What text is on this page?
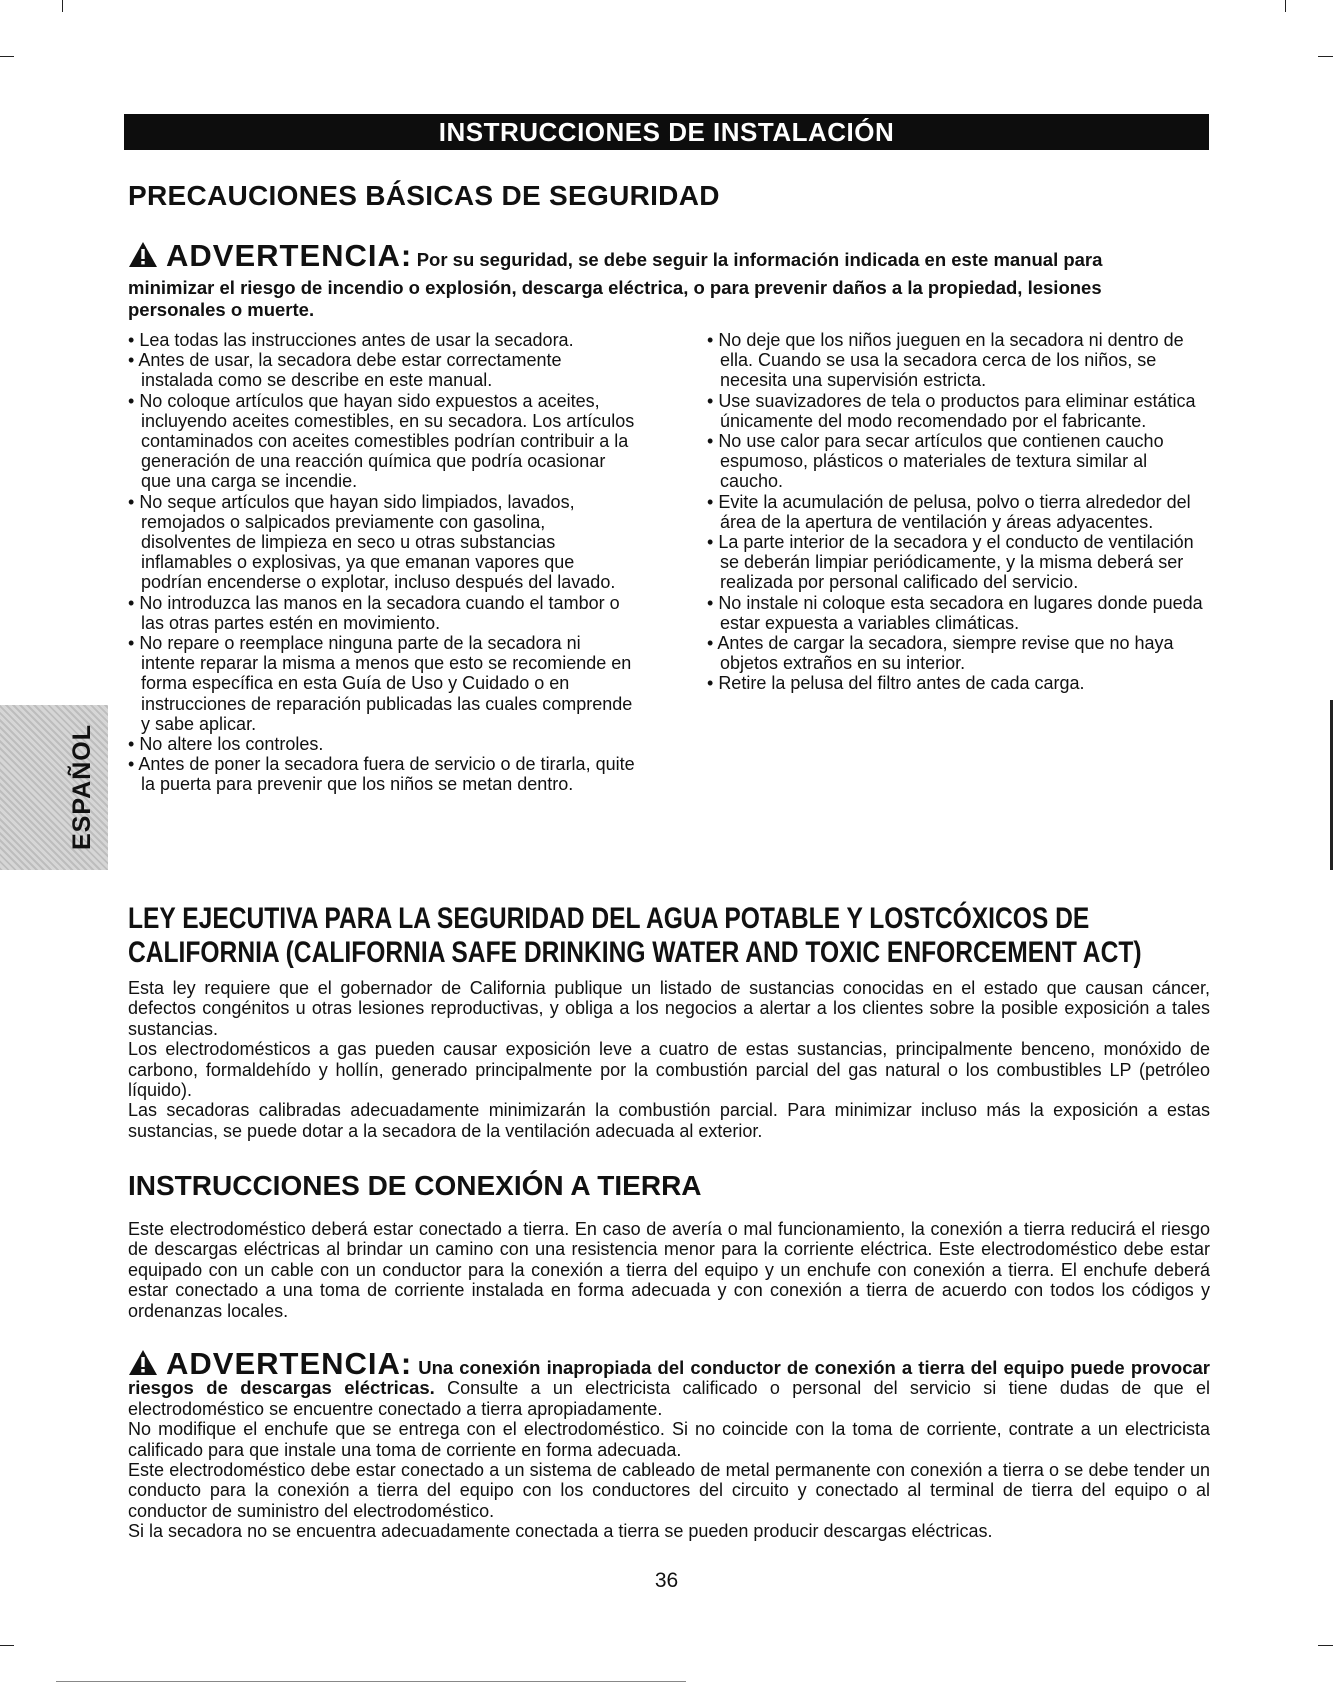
INSTRUCCIONES DE INSTALACIÓN
PRECAUCIONES BÁSICAS DE SEGURIDAD
ADVERTENCIA: Por su seguridad, se debe seguir la información indicada en este manual para
minimizar el riesgo de incendio o explosión, descarga eléctrica, o para prevenir daños a la propiedad, lesiones personales o muerte.
• Lea todas las instrucciones antes de usar la secadora.
• Antes de usar, la secadora debe estar correctamente instalada como se describe en este manual.
• No coloque artículos que hayan sido expuestos a aceites, incluyendo aceites comestibles, en su secadora. Los artículos contaminados con aceites comestibles podrían contribuir a la generación de una reacción química que podría ocasionar que una carga se incendie.
• No seque artículos que hayan sido limpiados, lavados, remojados o salpicados previamente con gasolina, disolventes de limpieza en seco u otras substancias inflamables o explosivas, ya que emanan vapores que podrían encenderse o explotar, incluso después del lavado.
• No introduzca las manos en la secadora cuando el tambor o las otras partes estén en movimiento.
• No repare o reemplace ninguna parte de la secadora ni intente reparar la misma a menos que esto se recomiende en forma específica en esta Guía de Uso y Cuidado o en instrucciones de reparación publicadas las cuales comprende y sabe aplicar.
• No altere los controles.
• Antes de poner la secadora fuera de servicio o de tirarla, quite la puerta para prevenir que los niños se metan dentro.
• No deje que los niños jueguen en la secadora ni dentro de ella. Cuando se usa la secadora cerca de los niños, se necesita una supervisión estricta.
• Use suavizadores de tela o productos para eliminar estática únicamente del modo recomendado por el fabricante.
• No use calor para secar artículos que contienen caucho espumoso, plásticos o materiales de textura similar al caucho.
• Evite la acumulación de pelusa, polvo o tierra alrededor del área de la apertura de ventilación y áreas adyacentes.
• La parte interior de la secadora y el conducto de ventilación se deberán limpiar periódicamente, y la misma deberá ser realizada por personal calificado del servicio.
• No instale ni coloque esta secadora en lugares donde pueda estar expuesta a variables climáticas.
• Antes de cargar la secadora, siempre revise que no haya objetos extraños en su interior.
• Retire la pelusa del filtro antes de cada carga.
ESPAÑOL
LEY EJECUTIVA PARA LA SEGURIDAD DEL AGUA POTABLE Y LOSTCÓXICOS DE CALIFORNIA (CALIFORNIA SAFE DRINKING WATER AND TOXIC ENFORCEMENT ACT)

Esta ley requiere que el gobernador de California publique un listado de sustancias conocidas en el estado que causan cáncer, defectos congénitos u otras lesiones reproductivas, y obliga a los negocios a alertar a los clientes sobre la posible exposición a tales sustancias.

Los electrodomésticos a gas pueden causar exposición leve a cuatro de estas sustancias, principalmente benceno, monóxido de carbono, formaldehído y hollín, generado principalmente por la combustión parcial del gas natural o los combustibles LP (petróleo líquido).

Las secadoras calibradas adecuadamente minimizarán la combustión parcial. Para minimizar incluso más la exposición a estas sustancias, se puede dotar a la secadora de la ventilación adecuada al exterior.

INSTRUCCIONES DE CONEXIÓN A TIERRA

Este electrodoméstico deberá estar conectado a tierra. En caso de avería o mal funcionamiento, la conexión a tierra reducirá el riesgo de descargas eléctricas al brindar un camino con una resistencia menor para la corriente eléctrica. Este electrodoméstico debe estar equipado con un cable con un conductor para la conexión a tierra del equipo y un enchufe con conexión a tierra. El enchufe deberá estar conectado a una toma de corriente instalada en forma adecuada y con conexión a tierra de acuerdo con todos los códigos y ordenanzas locales.

ADVERTENCIA: Una conexión inapropiada del conductor de conexión a tierra del equipo puede provocar riesgos de descargas eléctricas. Consulte a un electricista calificado o personal del servicio si tiene dudas de que el electrodoméstico se encuentre conectado a tierra apropiadamente.

No modifique el enchufe que se entrega con el electrodoméstico. Si no coincide con la toma de corriente, contrate a un electricista calificado para que instale una toma de corriente en forma adecuada.

Este electrodoméstico debe estar conectado a un sistema de cableado de metal permanente con conexión a tierra o se debe tender un conducto para la conexión a tierra del equipo con los conductores del circuito y conectado al terminal de tierra del equipo o al conductor de suministro del electrodoméstico.

Si la secadora no se encuentra adecuadamente conectada a tierra se pueden producir descargas eléctricas.

36
